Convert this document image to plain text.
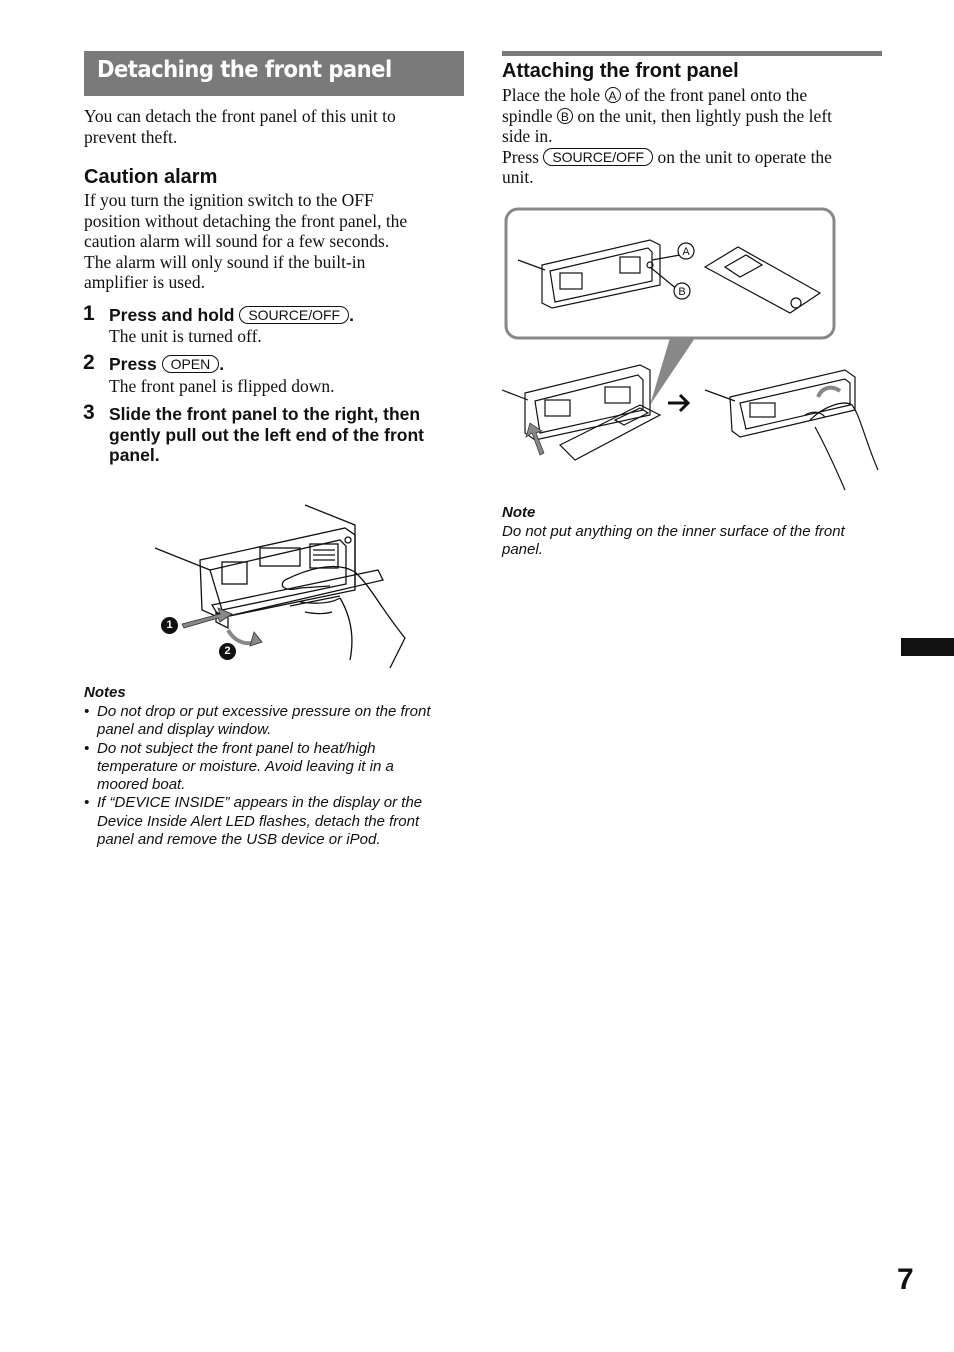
Detaching the front panel
You can detach the front panel of this unit to
prevent theft.
Caution alarm
If you turn the ignition switch to the OFF
position without detaching the front panel, the
caution alarm will sound for a few seconds.
The alarm will only sound if the built-in
amplifier is used.
1 Press and hold SOURCE/OFF .
The unit is turned off.
2 Press OPEN .
The front panel is flipped down.
3 Slide the front panel to the right, then
gently pull out the left end of the front
panel.
1
2
Notes
• Do not drop or put excessive pressure on the front
panel and display window.
• Do not subject the front panel to heat/high
temperature or moisture. Avoid leaving it in a
moored boat.
• If “DEVICE INSIDE” appears in the display or the
Device Inside Alert LED flashes, detach the front
panel and remove the USB device or iPod.
Attaching the front panel
Place the hole A of the front panel onto the
spindle B on the unit, then lightly push the left
side in.
Press SOURCE/OFF on the unit to operate the
unit.
A
B
Note
Do not put anything on the inner surface of the front
panel.
7
